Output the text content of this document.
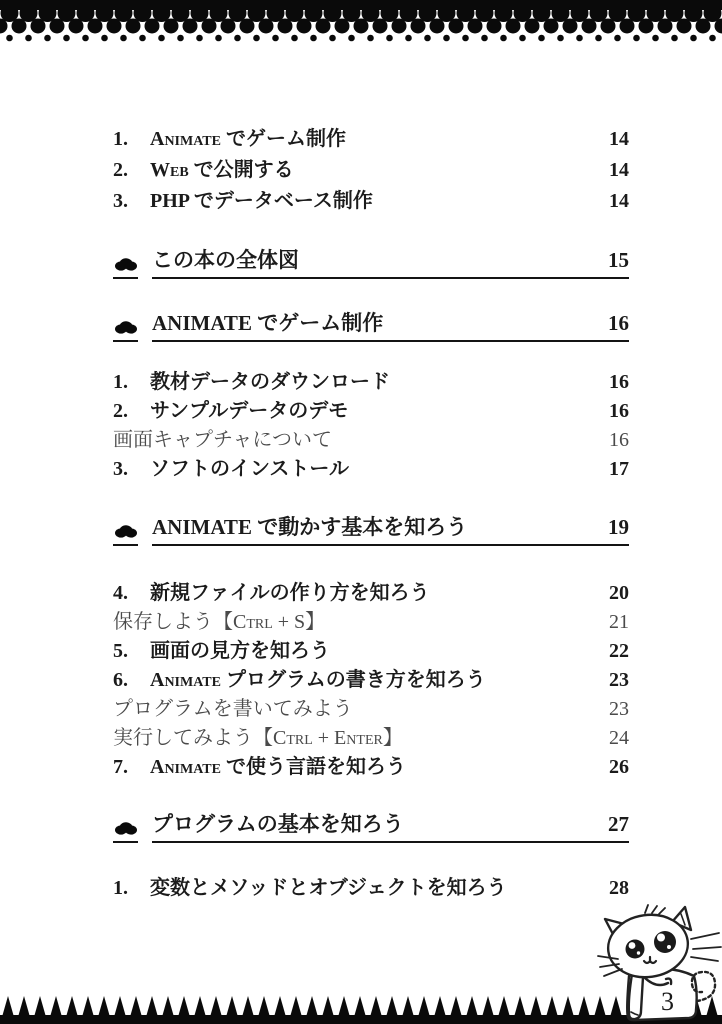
1.	Animate でゲーム制作	14
2.	Web で公開する	14
3.	PHP でデータベース制作	14
この本の全体図	15
ANIMATE でゲーム制作	16
1.	教材データのダウンロード	16
2.	サンプルデータのデモ	16
画面キャプチャについて	16
3.	ソフトのインストール	17
ANIMATE で動かす基本を知ろう	19
4.	新規ファイルの作り方を知ろう	20
保存しよう【Ctrl + S】	21
5.	画面の見方を知ろう	22
6.	Animate プログラムの書き方を知ろう	23
プログラムを書いてみよう	23
実行してみよう【Ctrl + Enter】	24
7.	Animate で使う言語を知ろう	26
プログラムの基本を知ろう	27
1.	変数とメソッドとオブジェクトを知ろう	28
3
